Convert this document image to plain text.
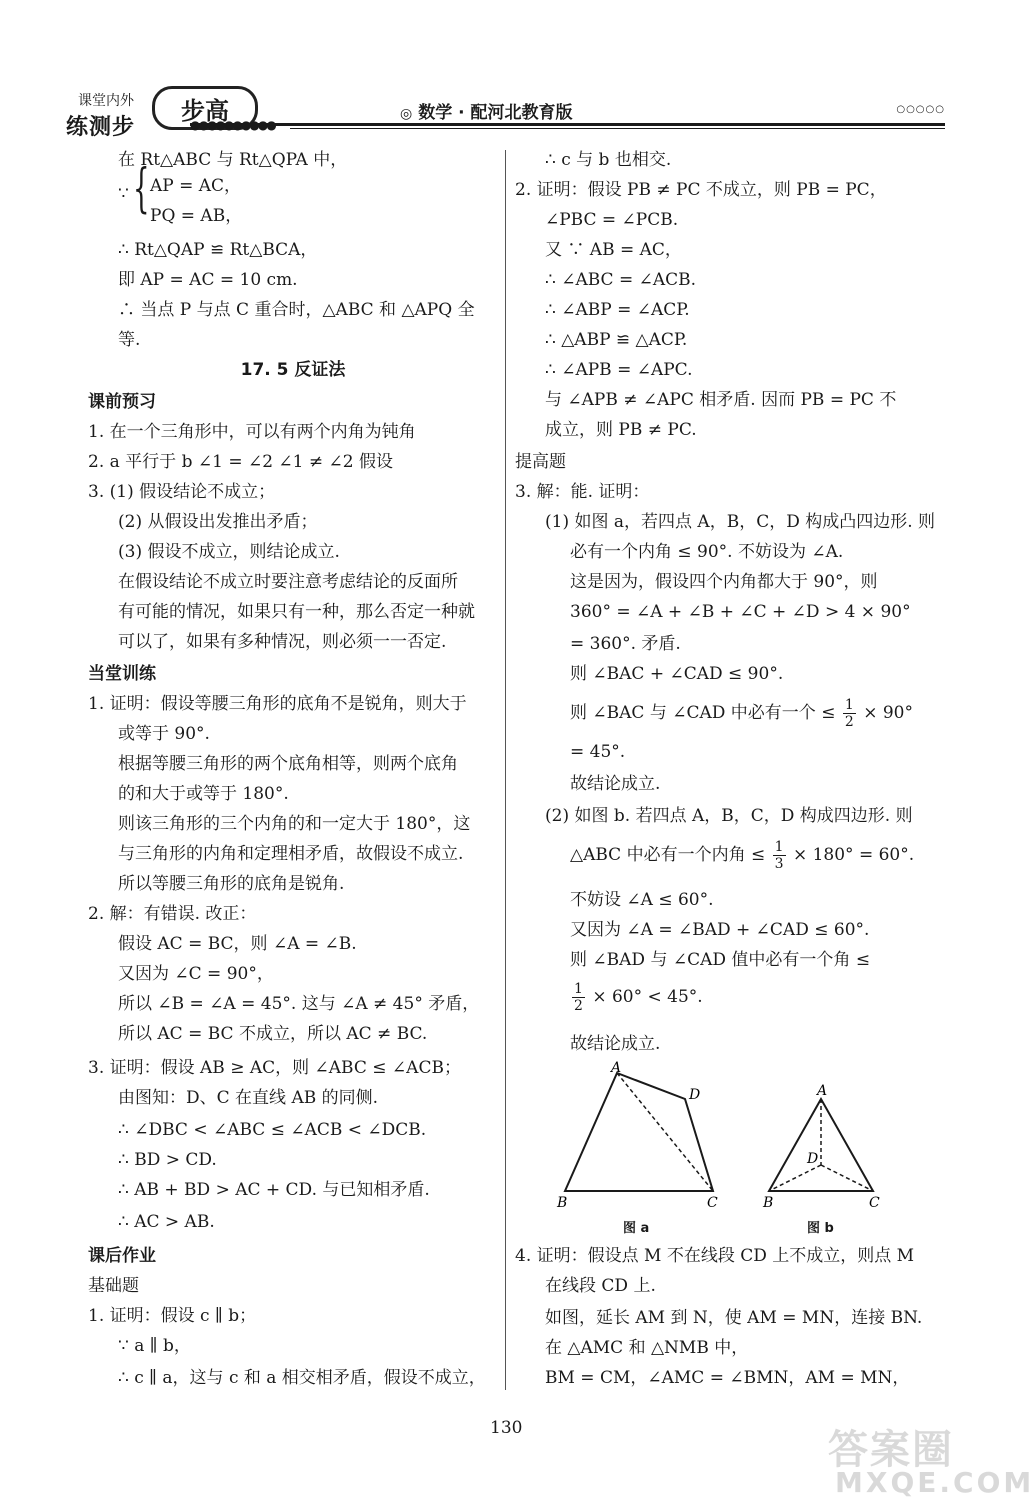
课堂内外
练测步
步高	◎ 数学 · 配河北教育版	○○○○○
●●●●●●●●●●
在 Rt△ABC 与 Rt△QPA 中，
∵ { AP = AC，
PQ = AB，
∴ Rt△QAP ≌ Rt△BCA，
即 AP = AC = 10 cm.
∴ 当点 P 与点 C 重合时，△ABC 和 △APQ 全
等.
17. 5 反证法
课前预习
1. 在一个三角形中，可以有两个内角为钝角
2. a 平行于 b ∠1 = ∠2 ∠1 ≠ ∠2 假设
3. (1) 假设结论不成立；
(2) 从假设出发推出矛盾；
(3) 假设不成立，则结论成立.
在假设结论不成立时要注意考虑结论的反面所
有可能的情况，如果只有一种，那么否定一种就
可以了，如果有多种情况，则必须一一否定.
当堂训练
1. 证明：假设等腰三角形的底角不是锐角，则大于
或等于 90°.
根据等腰三角形的两个底角相等，则两个底角
的和大于或等于 180°.
则该三角形的三个内角的和一定大于 180°，这
与三角形的内角和定理相矛盾，故假设不成立.
所以等腰三角形的底角是锐角.
2. 解：有错误. 改正：
假设 AC = BC，则 ∠A = ∠B.
又因为 ∠C = 90°，
所以 ∠B = ∠A = 45°. 这与 ∠A ≠ 45° 矛盾，
所以 AC = BC 不成立，所以 AC ≠ BC.
3. 证明：假设 AB ≥ AC，则 ∠ABC ≤ ∠ACB；
由图知：D、C 在直线 AB 的同侧.
∴ ∠DBC < ∠ABC ≤ ∠ACB < ∠DCB.
∴ BD > CD.
∴ AB + BD > AC + CD. 与已知相矛盾.
∴ AC > AB.
课后作业
基础题
1. 证明：假设 c ∥ b；
∵ a ∥ b，
∴ c ∥ a，这与 c 和 a 相交相矛盾，假设不成立，
∴ c 与 b 也相交.
2. 证明：假设 PB ≠ PC 不成立，则 PB = PC，
∠PBC = ∠PCB.
又 ∵ AB = AC，
∴ ∠ABC = ∠ACB.
∴ ∠ABP = ∠ACP.
∴ △ABP ≌ △ACP.
∴ ∠APB = ∠APC.
与 ∠APB ≠ ∠APC 相矛盾. 因而 PB = PC 不
成立，则 PB ≠ PC.
提高题
3. 解：能. 证明：
(1) 如图 a，若四点 A，B，C，D 构成凸四边形. 则
必有一个内角 ≤ 90°. 不妨设为 ∠A.
这是因为，假设四个内角都大于 90°，则
360° = ∠A + ∠B + ∠C + ∠D > 4 × 90°
= 360°. 矛盾.
则 ∠BAC + ∠CAD ≤ 90°.
则 ∠BAC 与 ∠CAD 中必有一个 ≤ $\frac{1}{2} \times 90^\circ$
= 45°.
故结论成立.
(2) 如图 b. 若四点 A，B，C，D 构成四边形. 则
△ABC 中必有一个内角 ≤ $\frac{1}{3} \times 180^\circ = 60^\circ$.
不妨设 ∠A ≤ 60°.
又因为 ∠A = ∠BAD + ∠CAD ≤ 60°.
则 ∠BAD 与 ∠CAD 值中必有一个角 ≤
$\frac{1}{2} \times 60^\circ < 45^\circ$.
故结论成立.
A
B	C
D
图 a
A
B	C
D
图 b
4. 证明：假设点 M 不在线段 CD 上不成立，则点 M
在线段 CD 上.
如图，延长 AM 到 N，使 AM = MN，连接 BN.
在 △AMC 和 △NMB 中，
BM = CM，∠AMC = ∠BMN，AM = MN，
130	答案圈
MXQE.COM
